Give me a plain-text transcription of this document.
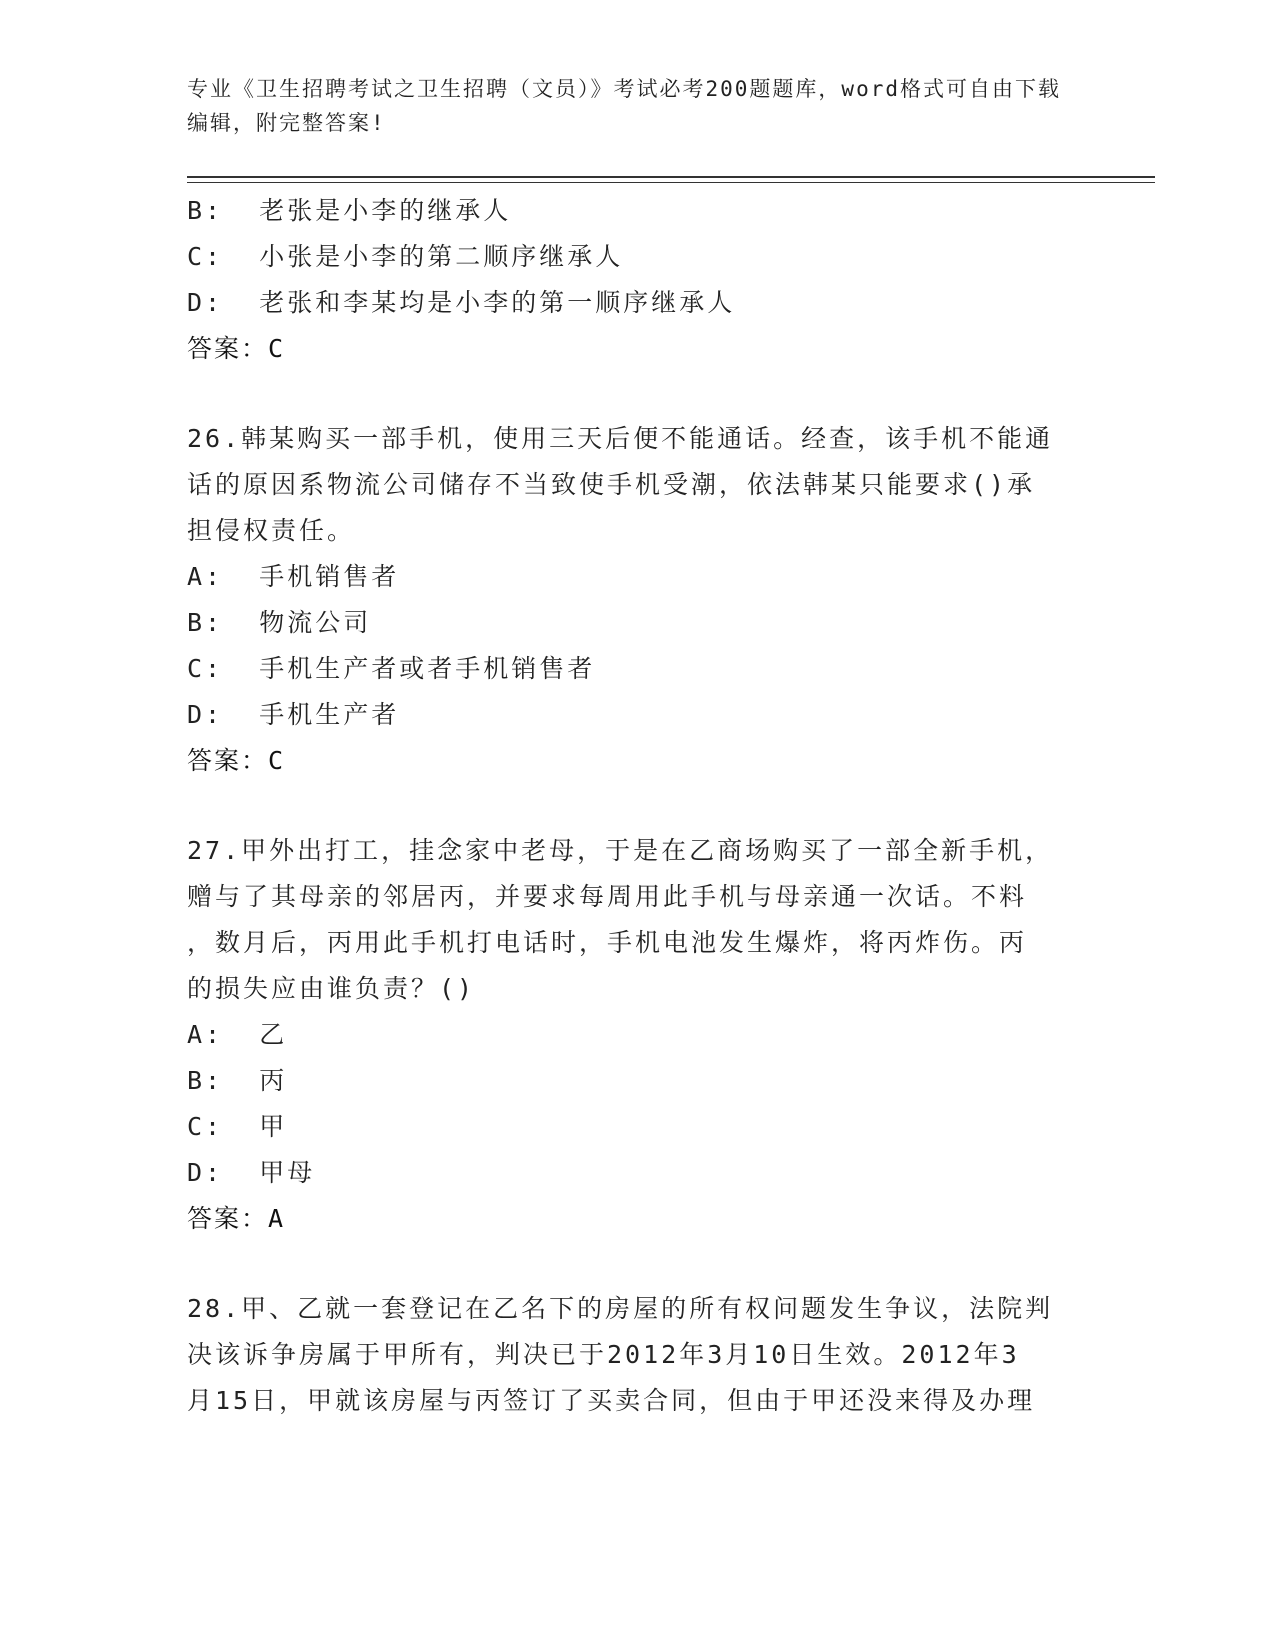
专业《卫生招聘考试之卫生招聘（文员）》考试必考200题题库，word格式可自由下载编辑，附完整答案!
B:  老张是小李的继承人
C:  小张是小李的第二顺序继承人
D:  老张和李某均是小李的第一顺序继承人
答案：C
26.韩某购买一部手机，使用三天后便不能通话。经查，该手机不能通
话的原因系物流公司储存不当致使手机受潮，依法韩某只能要求()承
担侵权责任。
A:  手机销售者
B:  物流公司
C:  手机生产者或者手机销售者
D:  手机生产者
答案：C
27.甲外出打工，挂念家中老母，于是在乙商场购买了一部全新手机，
赠与了其母亲的邻居丙，并要求每周用此手机与母亲通一次话。不料
，数月后，丙用此手机打电话时，手机电池发生爆炸，将丙炸伤。丙
的损失应由谁负责？()
A:  乙
B:  丙
C:  甲
D:  甲母
答案：A
28.甲、乙就一套登记在乙名下的房屋的所有权问题发生争议，法院判
决该诉争房属于甲所有，判决已于2012年3月10日生效。2012年3
月15日，甲就该房屋与丙签订了买卖合同，但由于甲还没来得及办理
